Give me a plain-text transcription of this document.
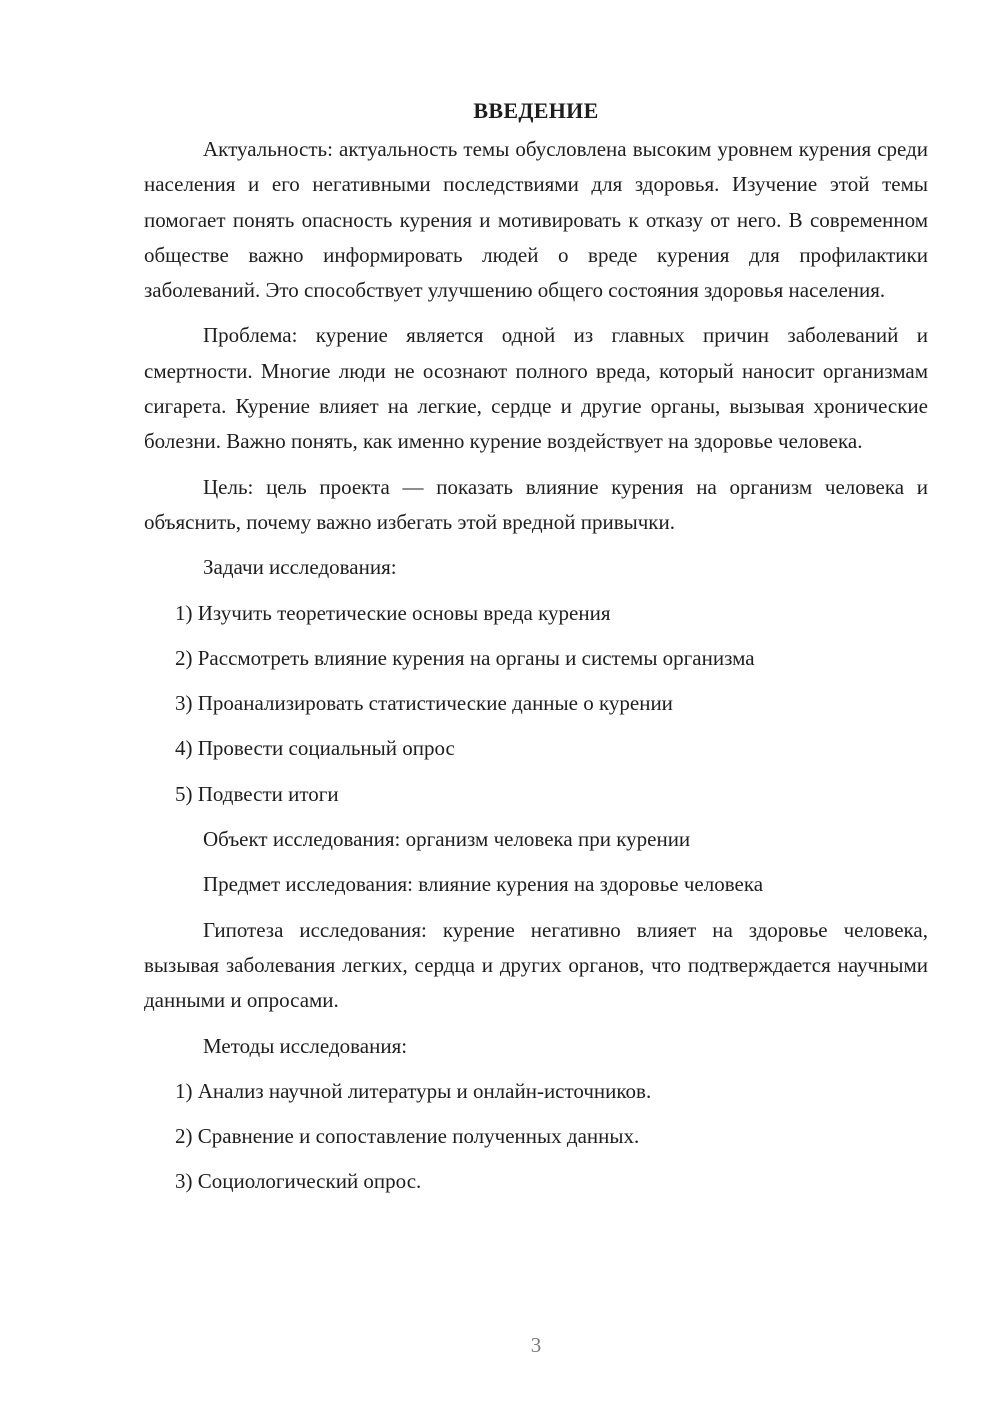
ВВЕДЕНИЕ

Актуальность: актуальность темы обусловлена высоким уровнем курения среди населения и его негативными последствиями для здоровья. Изучение этой темы помогает понять опасность курения и мотивировать к отказу от него. В современном обществе важно информировать людей о вреде курения для профилактики заболеваний. Это способствует улучшению общего состояния здоровья населения.

Проблема: курение является одной из главных причин заболеваний и смертности. Многие люди не осознают полного вреда, который наносит организмам сигарета. Курение влияет на легкие, сердце и другие органы, вызывая хронические болезни. Важно понять, как именно курение воздействует на здоровье человека.

Цель: цель проекта — показать влияние курения на организм человека и объяснить, почему важно избегать этой вредной привычки.

Задачи исследования:
1) Изучить теоретические основы вреда курения
2) Рассмотреть влияние курения на органы и системы организма
3) Проанализировать статистические данные о курении
4) Провести социальный опрос
5) Подвести итоги
Объект исследования: организм человека при курении
Предмет исследования: влияние курения на здоровье человека

Гипотеза исследования: курение негативно влияет на здоровье человека, вызывая заболевания легких, сердца и других органов, что подтверждается научными данными и опросами.

Методы исследования:
1) Анализ научной литературы и онлайн-источников.
2) Сравнение и сопоставление полученных данных.
3) Социологический опрос.
3
